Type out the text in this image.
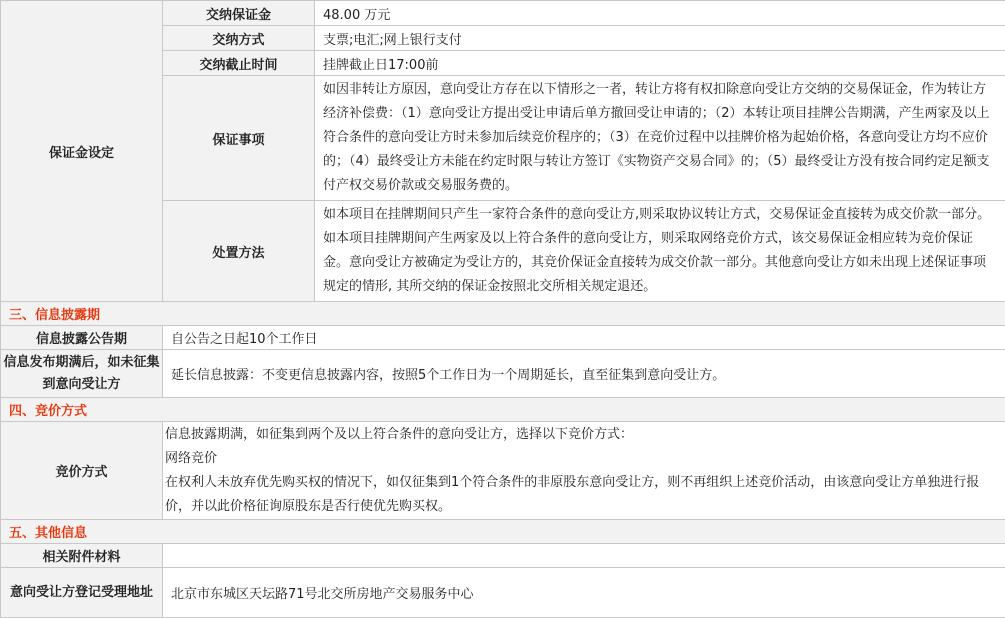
保证金设定	交纳保证金	48.00 万元
	交纳方式	支票;电汇;网上银行支付
	交纳截止时间	挂牌截止日17:00前
	保证事项	如因非转让方原因，意向受让方存在以下情形之一者，转让方将有权扣除意向受让方交纳的交易保证金，作为转让方经济补偿费：（1）意向受让方提出受让申请后单方撤回受让申请的；（2）本转让项目挂牌公告期满，产生两家及以上符合条件的意向受让方时未参加后续竞价程序的；（3）在竞价过程中以挂牌价格为起始价格，各意向受让方均不应价的；（4）最终受让方未能在约定时限与转让方签订《实物资产交易合同》的；（5）最终受让方没有按合同约定足额支付产权交易价款或交易服务费的。
	处置方法	如本项目在挂牌期间只产生一家符合条件的意向受让方,则采取协议转让方式，交易保证金直接转为成交价款一部分。如本项目挂牌期间产生两家及以上符合条件的意向受让方，则采取网络竞价方式，该交易保证金相应转为竞价保证金。意向受让方被确定为受让方的，其竞价保证金直接转为成交价款一部分。其他意向受让方如未出现上述保证事项规定的情形, 其所交纳的保证金按照北交所相关规定退还。
三、信息披露期		
信息披露公告期	自公告之日起10个工作日	
信息发布期满后，如未征集到意向受让方	延长信息披露：不变更信息披露内容，按照5个工作日为一个周期延长，直至征集到意向受让方。	
四、竞价方式		
竞价方式	信息披露期满，如征集到两个及以上符合条件的意向受让方，选择以下竞价方式：
网络竞价
在权利人未放弃优先购买权的情况下，如仅征集到1个符合条件的非原股东意向受让方，则不再组织上述竞价活动，由该意向受让方单独进行报价，并以此价格征询原股东是否行使优先购买权。	

五、其他信息		
相关附件材料		
意向受让方登记受理地址	北京市东城区天坛路71号北交所房地产交易服务中心	
